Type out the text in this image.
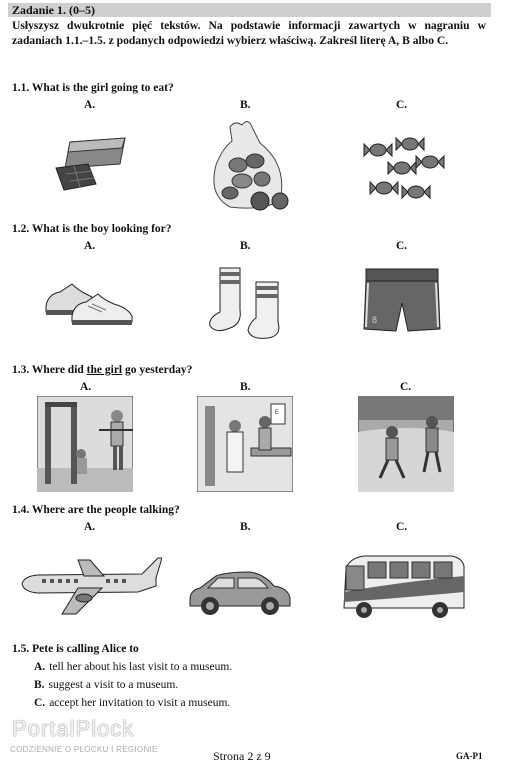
Zadanie 1. (0–5)
Usłyszysz dwukrotnie pięć tekstów. Na podstawie informacji zawartych w nagraniu w zadaniach 1.1.–1.5. z podanych odpowiedzi wybierz właściwą. Zakreśl literę A, B albo C.
1.1. What is the girl going to eat?
A.	B.	C.
1.2. What is the boy looking for?
A.	B.	C.
8
1.3. Where did the girl go yesterday?
A.	B.	C.
E
1.4. Where are the people talking?
A.	B.	C.
1.5. Pete is calling Alice to
A. tell her about his last visit to a museum.
B. suggest a visit to a museum.
C. accept her invitation to visit a museum.
PortalPlock
CODZIENNIE O PŁOCKU I REGIONIE	Strona 2 z 9	GA-P1
